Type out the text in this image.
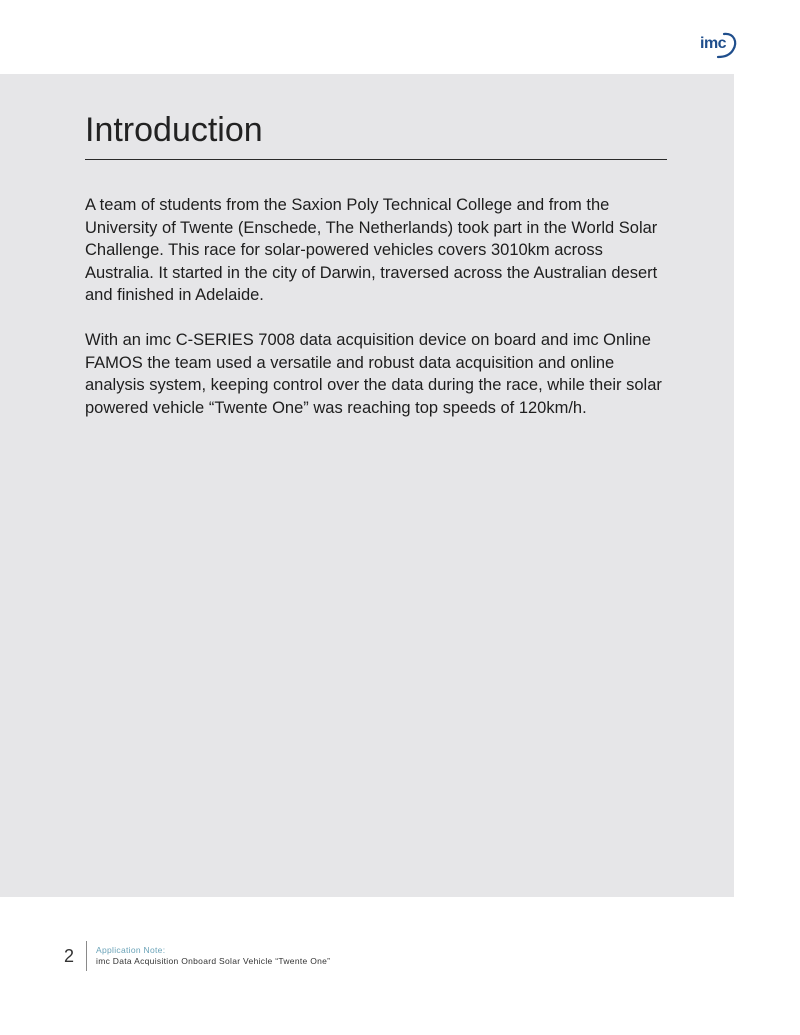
imc
Introduction

A team of students from the Saxion Poly Technical College and from the University of Twente (Enschede, The Netherlands) took part in the World Solar Challenge. This race for solar-powered vehicles covers 3010km across Australia. It started in the city of Darwin, traversed across the Australian desert and finished in Adelaide.

With an imc C-SERIES 7008 data acquisition device on board and imc Online FAMOS the team used a versatile and robust data acquisition and online analysis system, keeping control over the data during the race, while their solar powered vehicle “Twente One” was reaching top speeds of 120km/h.

2	Application Note:
imc Data Acquisition Onboard Solar Vehicle “Twente One”
